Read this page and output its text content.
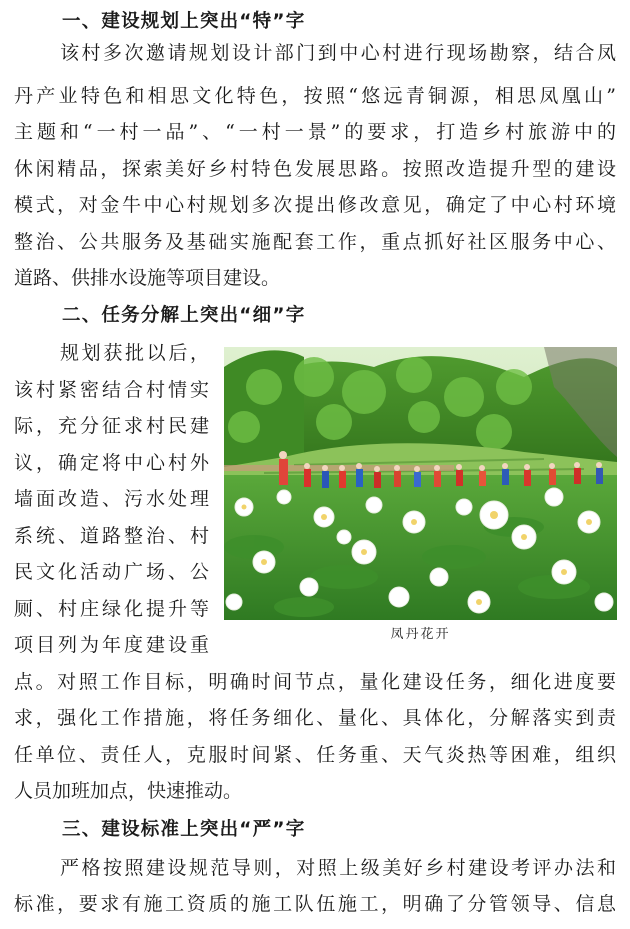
一、建设规划上突出“特”字
该村多次邀请规划设计部门到中心村进行现场勘察，结合凤
丹产业特色和相思文化特色，按照“悠远青铜源，相思凤凰山”
主题和“一村一品”、“一村一景”的要求，打造乡村旅游中的
休闲精品，探索美好乡村特色发展思路。按照改造提升型的建设
模式，对金牛中心村规划多次提出修改意见，确定了中心村环境
整治、公共服务及基础实施配套工作，重点抓好社区服务中心、
道路、供排水设施等项目建设。
二、任务分解上突出“细”字
规划获批以后，
该村紧密结合村情实
际，充分征求村民建
议，确定将中心村外
墙面改造、污水处理
系统、道路整治、村
民文化活动广场、公
厕、村庄绿化提升等
项目列为年度建设重	凤丹花开
点。对照工作目标，明确时间节点，量化建设任务，细化进度要
求，强化工作措施，将任务细化、量化、具体化，分解落实到责
任单位、责任人，克服时间紧、任务重、天气炎热等困难，组织
人员加班加点，快速推动。
三、建设标准上突出“严”字
严格按照建设规范导则，对照上级美好乡村建设考评办法和
标准，要求有施工资质的施工队伍施工，明确了分管领导、信息
